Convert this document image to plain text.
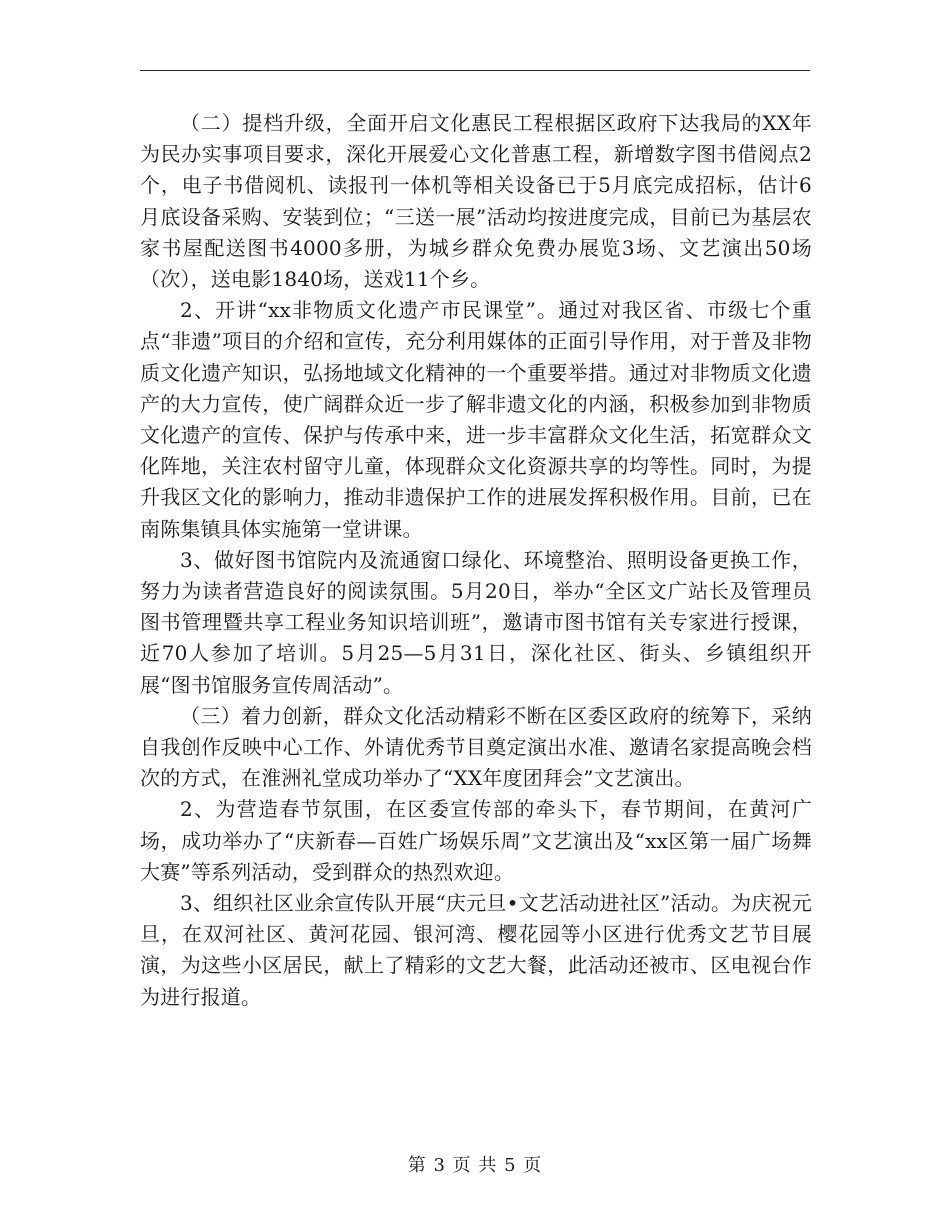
（二）提档升级，全面开启文化惠民工程根据区政府下达我局的XX年为民办实事项目要求，深化开展爱心文化普惠工程，新增数字图书借阅点2个，电子书借阅机、读报刊一体机等相关设备已于5月底完成招标，估计6月底设备采购、安装到位；“三送一展”活动均按进度完成，目前已为基层农家书屋配送图书4000多册，为城乡群众免费办展览3场、文艺演出50场（次），送电影1840场，送戏11个乡。

2、开讲“xx非物质文化遗产市民课堂”。通过对我区省、市级七个重点“非遗”项目的介绍和宣传，充分利用媒体的正面引导作用，对于普及非物质文化遗产知识，弘扬地域文化精神的一个重要举措。通过对非物质文化遗产的大力宣传，使广阔群众近一步了解非遗文化的内涵，积极参加到非物质文化遗产的宣传、保护与传承中来，进一步丰富群众文化生活，拓宽群众文化阵地，关注农村留守儿童，体现群众文化资源共享的均等性。同时，为提升我区文化的影响力，推动非遗保护工作的进展发挥积极作用。目前，已在南陈集镇具体实施第一堂讲课。

3、做好图书馆院内及流通窗口绿化、环境整治、照明设备更换工作，努力为读者营造良好的阅读氛围。5月20日，举办“全区文广站长及管理员图书管理暨共享工程业务知识培训班”，邀请市图书馆有关专家进行授课，近70人参加了培训。5月25—5月31日，深化社区、街头、乡镇组织开展“图书馆服务宣传周活动”。

（三）着力创新，群众文化活动精彩不断在区委区政府的统筹下，采纳自我创作反映中心工作、外请优秀节目奠定演出水准、邀请名家提高晚会档次的方式，在淮洲礼堂成功举办了“XX年度团拜会”文艺演出。

2、为营造春节氛围，在区委宣传部的牵头下，春节期间，在黄河广场，成功举办了“庆新春—百姓广场娱乐周”文艺演出及“xx区第一届广场舞大赛”等系列活动，受到群众的热烈欢迎。

3、组织社区业余宣传队开展“庆元旦•文艺活动进社区”活动。为庆祝元旦，在双河社区、黄河花园、银河湾、樱花园等小区进行优秀文艺节目展演，为这些小区居民，献上了精彩的文艺大餐，此活动还被市、区电视台作为进行报道。

第 3 页 共 5 页
